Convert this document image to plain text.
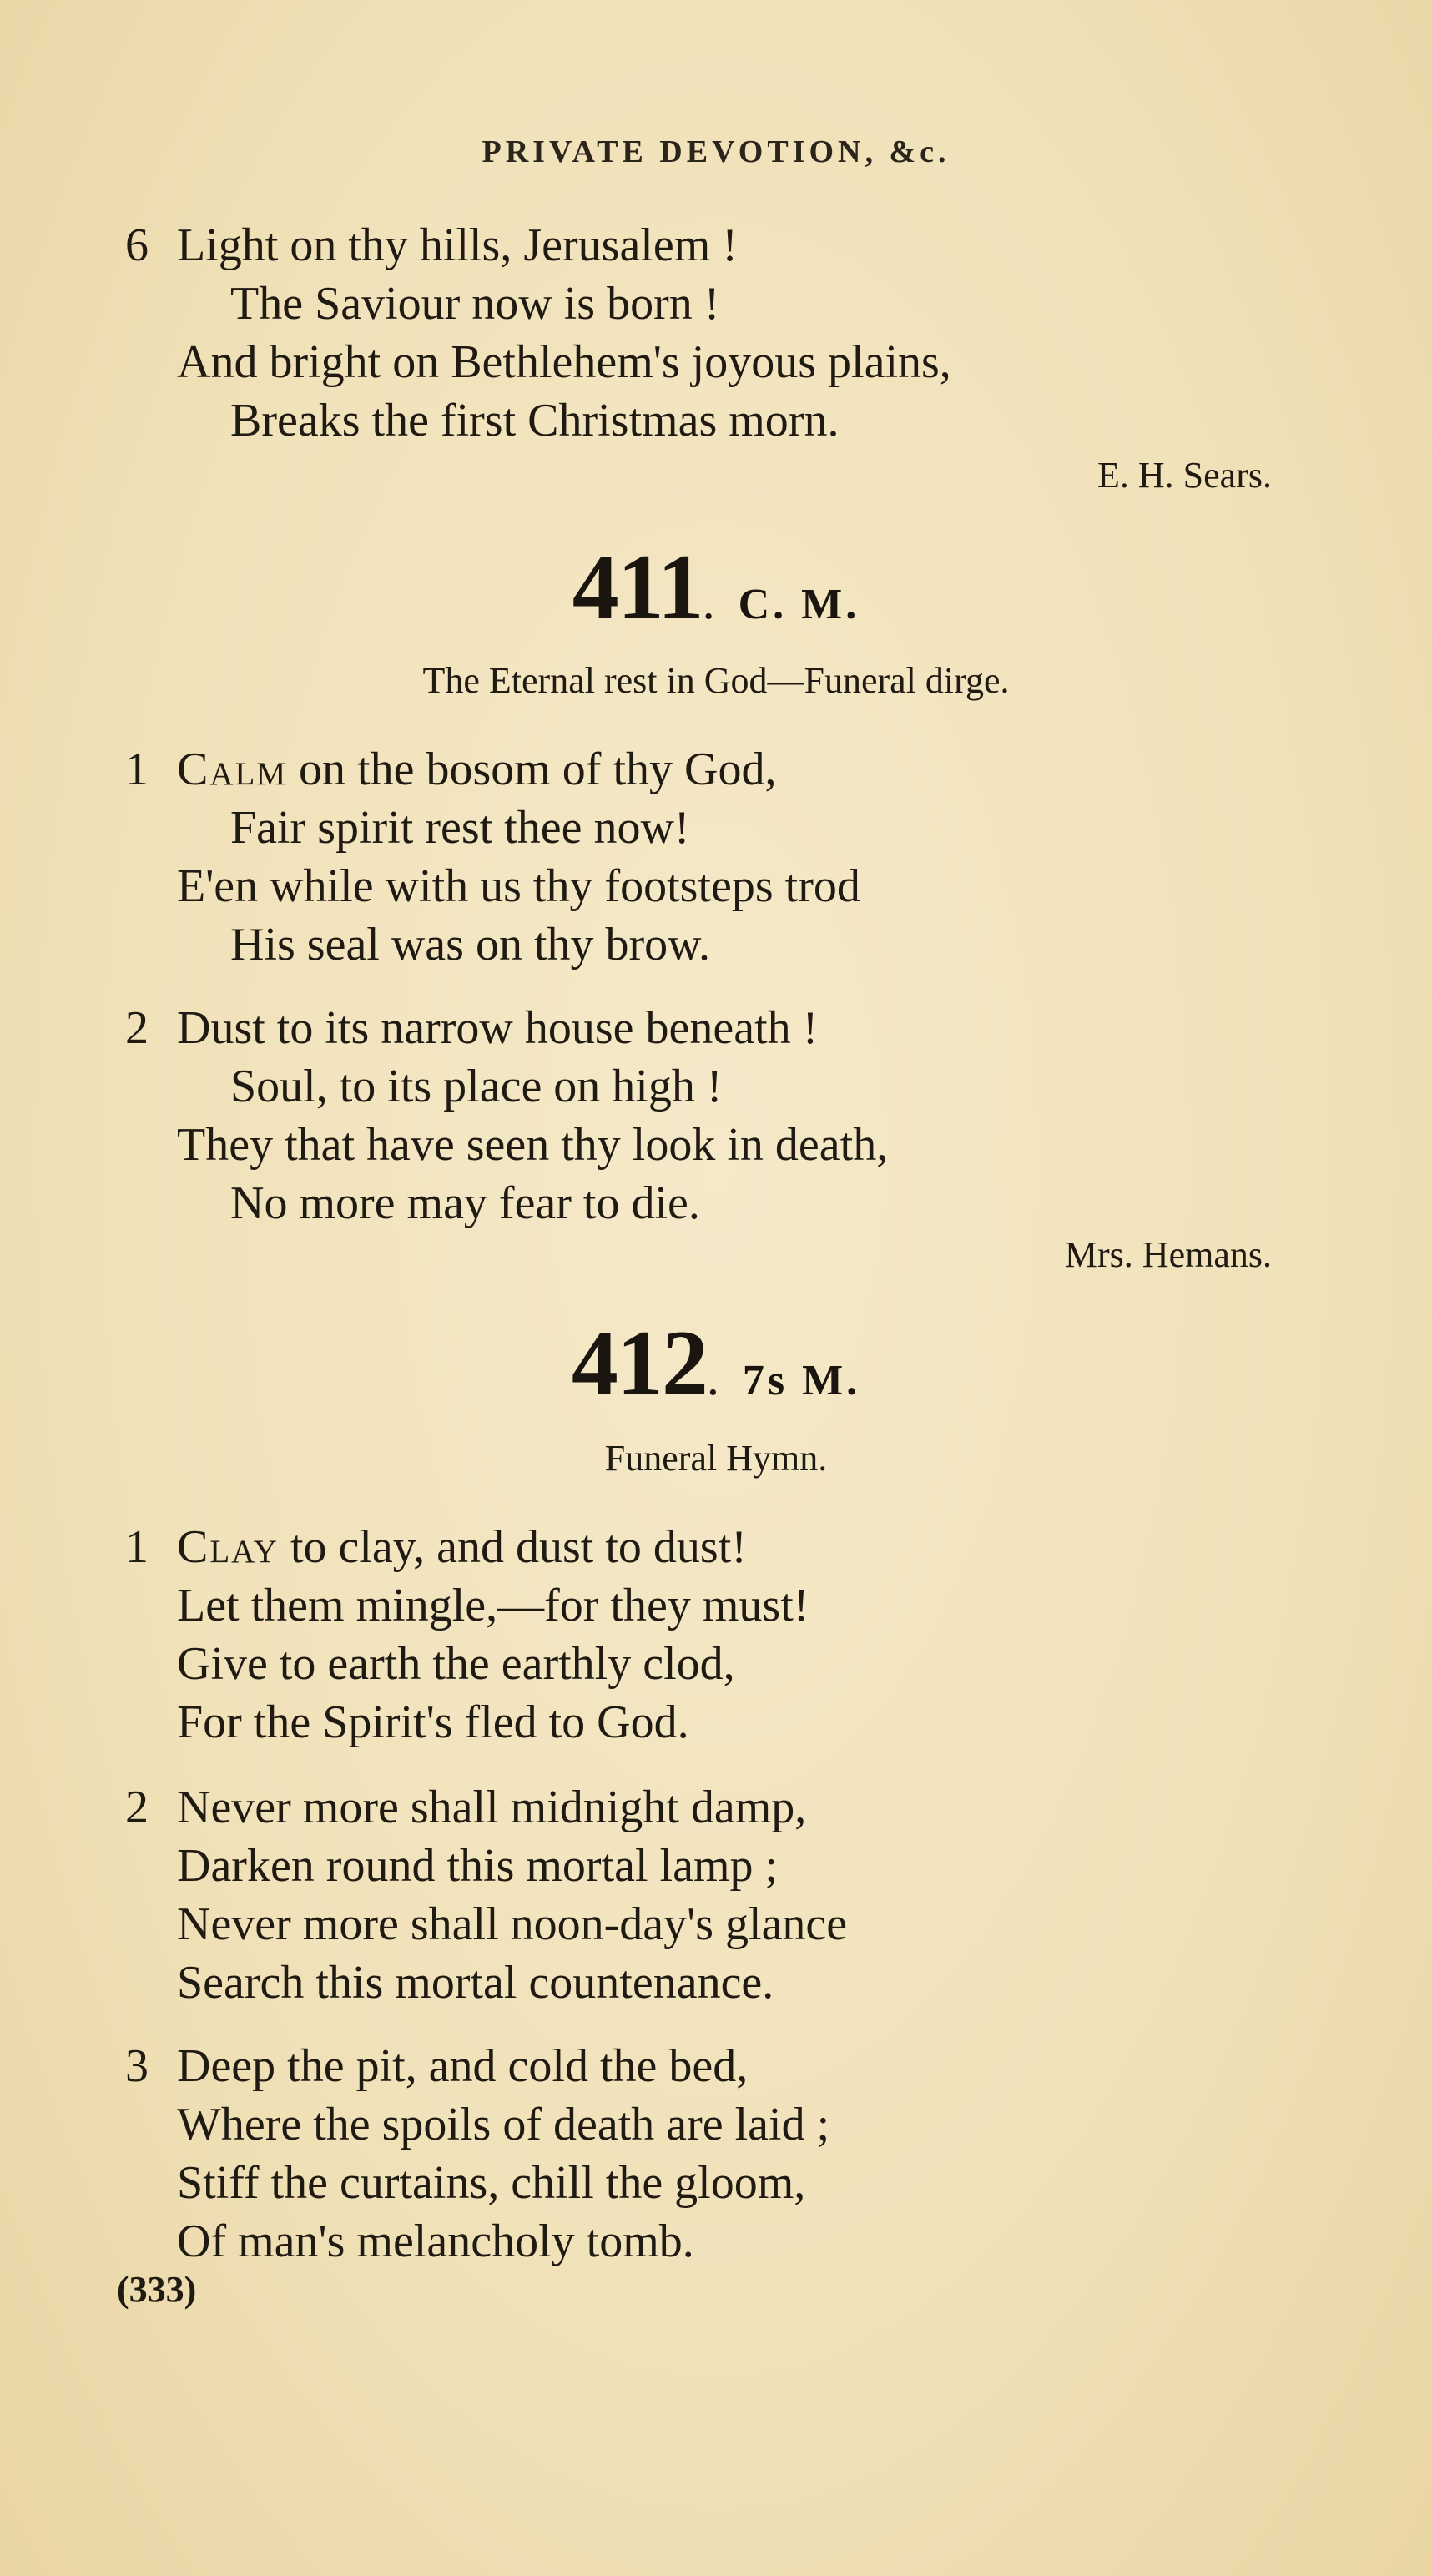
PRIVATE DEVOTION, &c.
6 Light on thy hills, Jerusalem !
The Saviour now is born !
And bright on Bethlehem's joyous plains,
Breaks the first Christmas morn.
E. H. Sears.
411. C. M.
The Eternal rest in God—Funeral dirge.
1 Calm on the bosom of thy God,
Fair spirit rest thee now!
E'en while with us thy footsteps trod
His seal was on thy brow.
2 Dust to its narrow house beneath !
Soul, to its place on high !
They that have seen thy look in death,
No more may fear to die.
Mrs. Hemans.
412. 7s M.
Funeral Hymn.
1 Clay to clay, and dust to dust!
Let them mingle,—for they must!
Give to earth the earthly clod,
For the Spirit's fled to God.
2 Never more shall midnight damp,
Darken round this mortal lamp ;
Never more shall noon-day's glance
Search this mortal countenance.
3 Deep the pit, and cold the bed,
Where the spoils of death are laid ;
Stiff the curtains, chill the gloom,
Of man's melancholy tomb.
(333)
